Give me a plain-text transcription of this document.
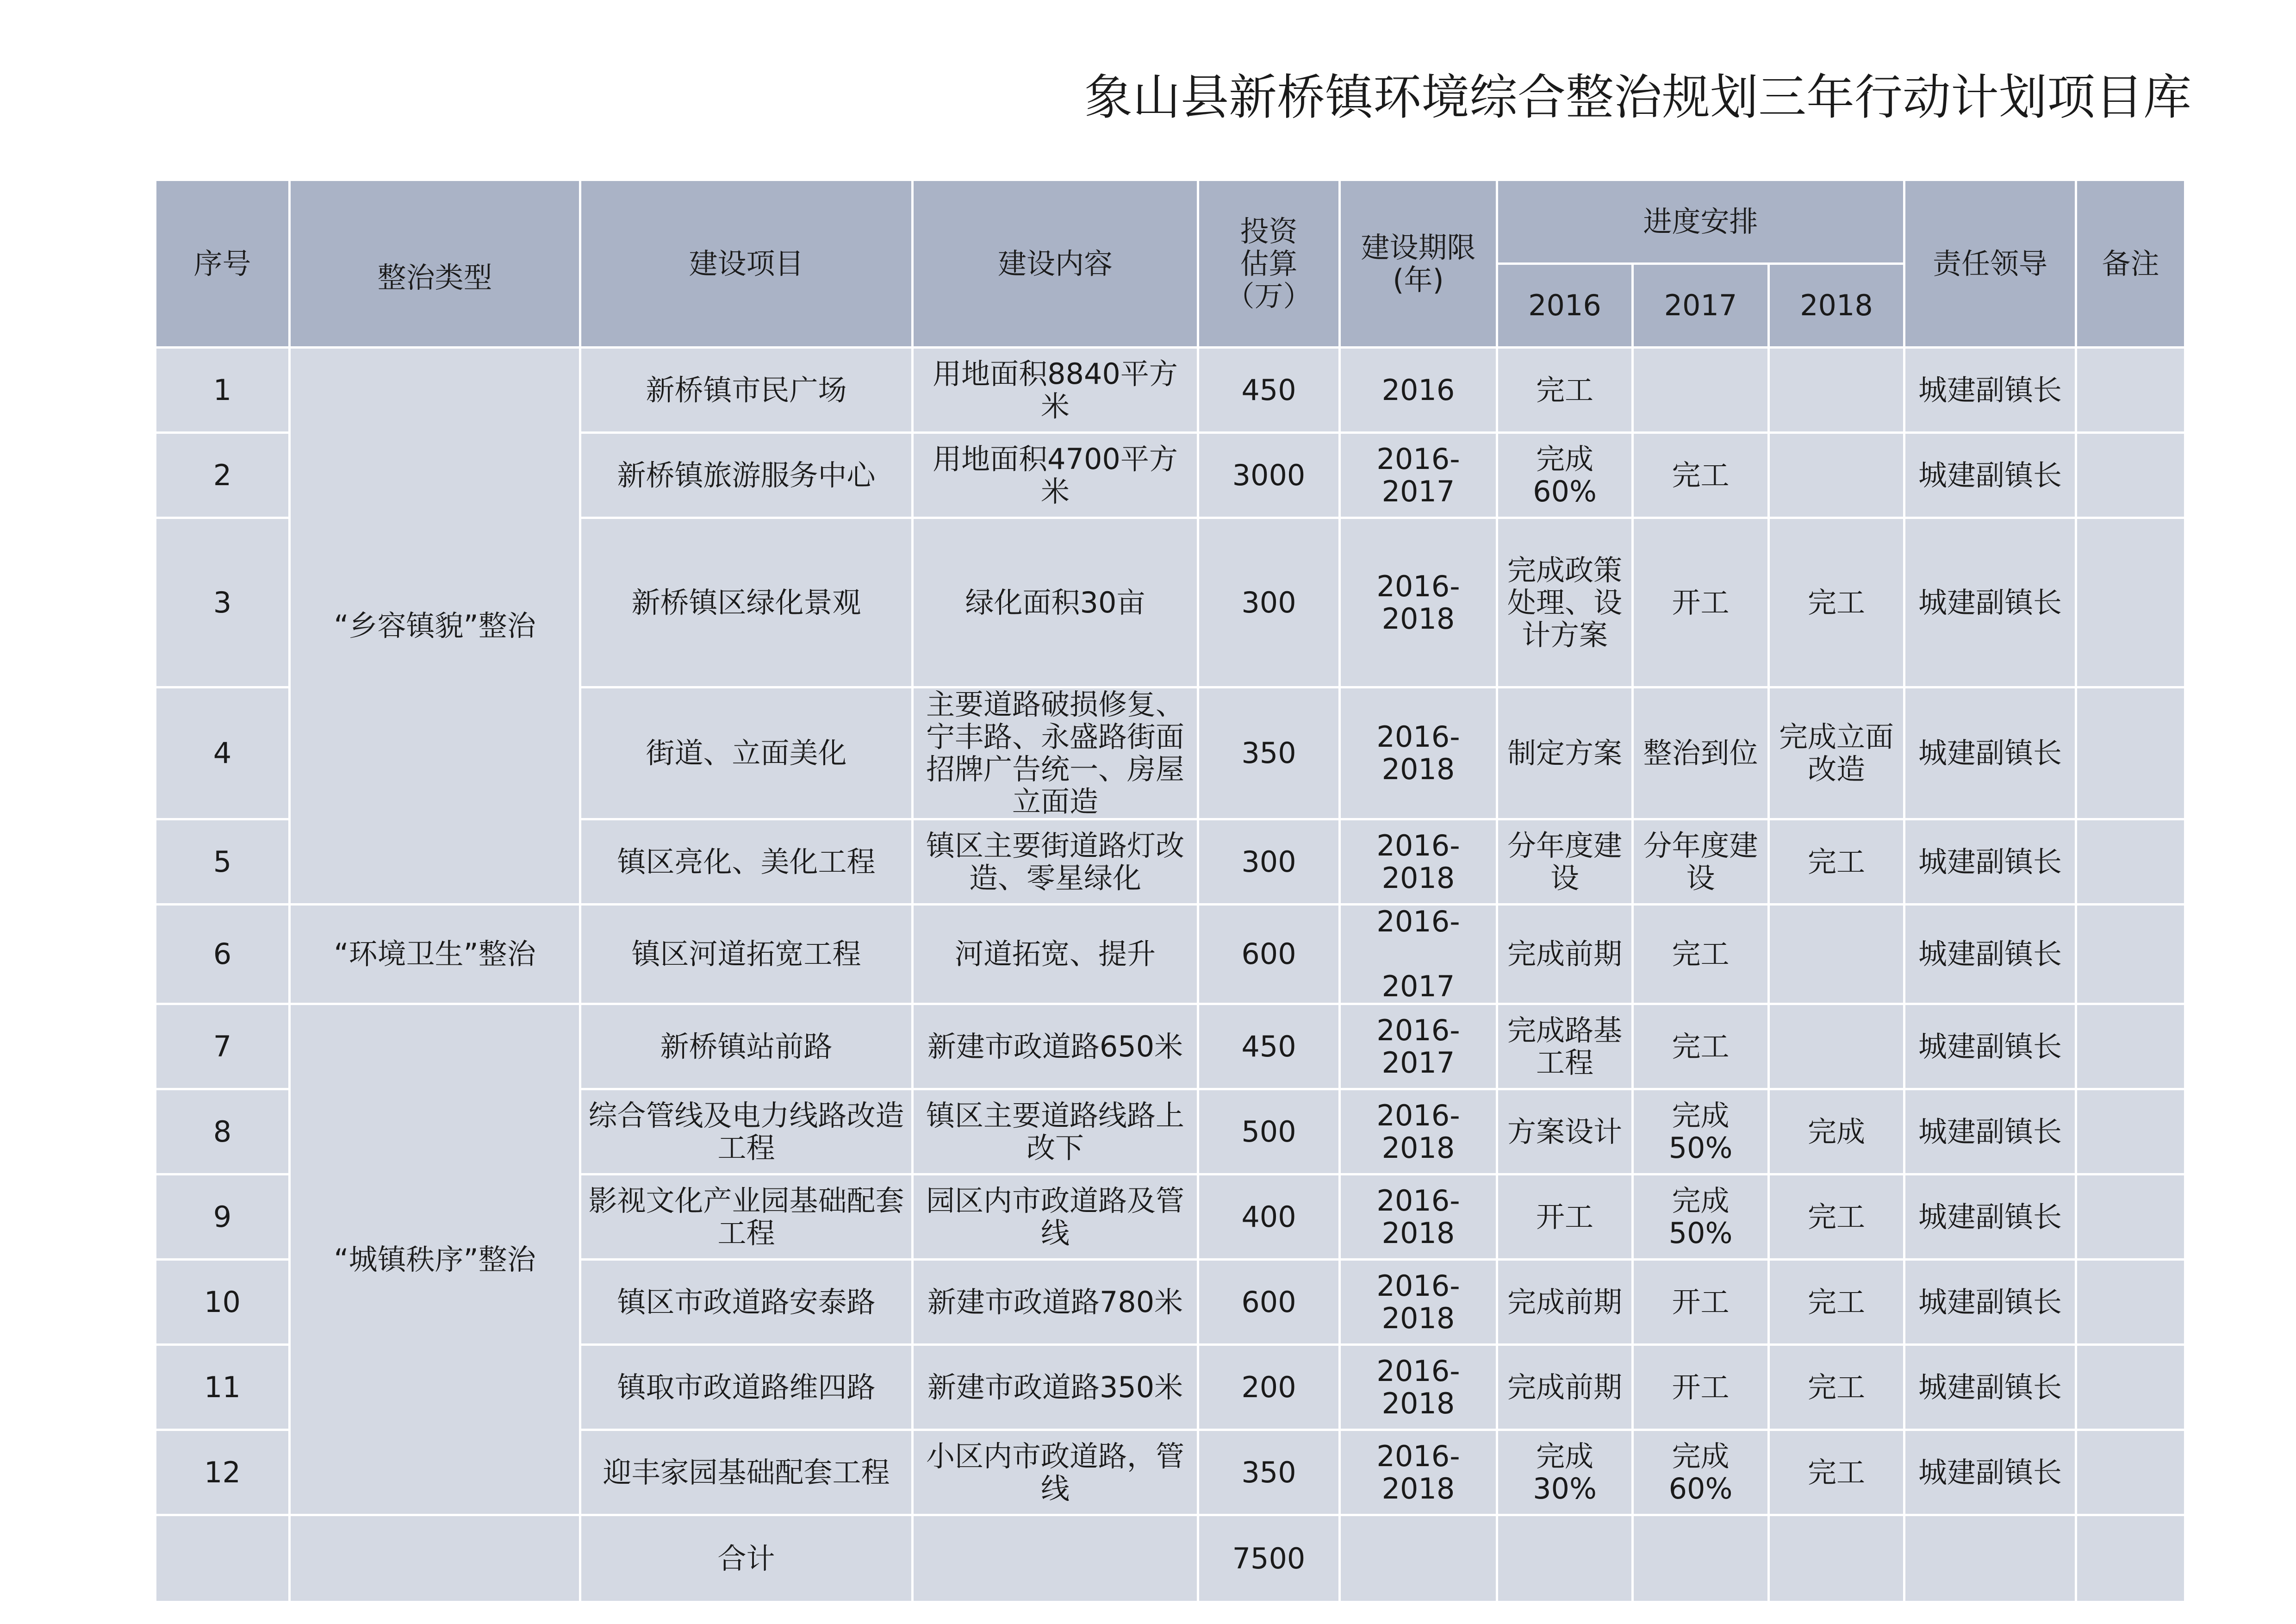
象山县新桥镇环境综合整治规划三年行动计划项目库
序号	整治类型	建设项目	建设内容	投资
估算
（万）	建设期限
(年)	进度安排			责任领导	备注
						2016	2017	2018		
1	“乡容镇貌”整治	新桥镇市民广场	用地面积8840平方米	450	2016	完工			城建副镇长	
2		新桥镇旅游服务中心	用地面积4700平方米	3000	2016-
2017	完成60%	完工		城建副镇长	
3		新桥镇区绿化景观	绿化面积30亩	300	2016-
2018	完成政策
处理、设
计方案	开工	完工	城建副镇长	
4		街道、立面美化	主要道路破损修复、
宁丰路、永盛路街面
招牌广告统一、房屋
立面造	350	2016-
2018	制定方案	整治到位	完成立面
改造	城建副镇长	
5		镇区亮化、美化工程	镇区主要街道路灯改
造、零星绿化	300	2016-
2018	分年度建
设	分年度建
设	完工	城建副镇长	
6	“环境卫生”整治	镇区河道拓宽工程	河道拓宽、提升	600	2016-

2017	完成前期	完工		城建副镇长	
7	“城镇秩序”整治	新桥镇站前路	新建市政道路650米	450	2016-
2017	完成路基
工程	完工		城建副镇长	
8		综合管线及电力线路改造
工程	镇区主要道路线路上
改下	500	2016-
2018	方案设计	完成
50%	完成	城建副镇长	
9		影视文化产业园基础配套
工程	园区内市政道路及管
线	400	2016-
2018	开工	完成
50%	完工	城建副镇长	
10		镇区市政道路安泰路	新建市政道路780米	600	2016-
2018	完成前期	开工	完工	城建副镇长	
11		镇取市政道路维四路	新建市政道路350米	200	2016-
2018	完成前期	开工	完工	城建副镇长	
12		迎丰家园基础配套工程	小区内市政道路，管
线	350	2016-
2018	完成
30%	完成
60%	完工	城建副镇长	
		合计		7500						
